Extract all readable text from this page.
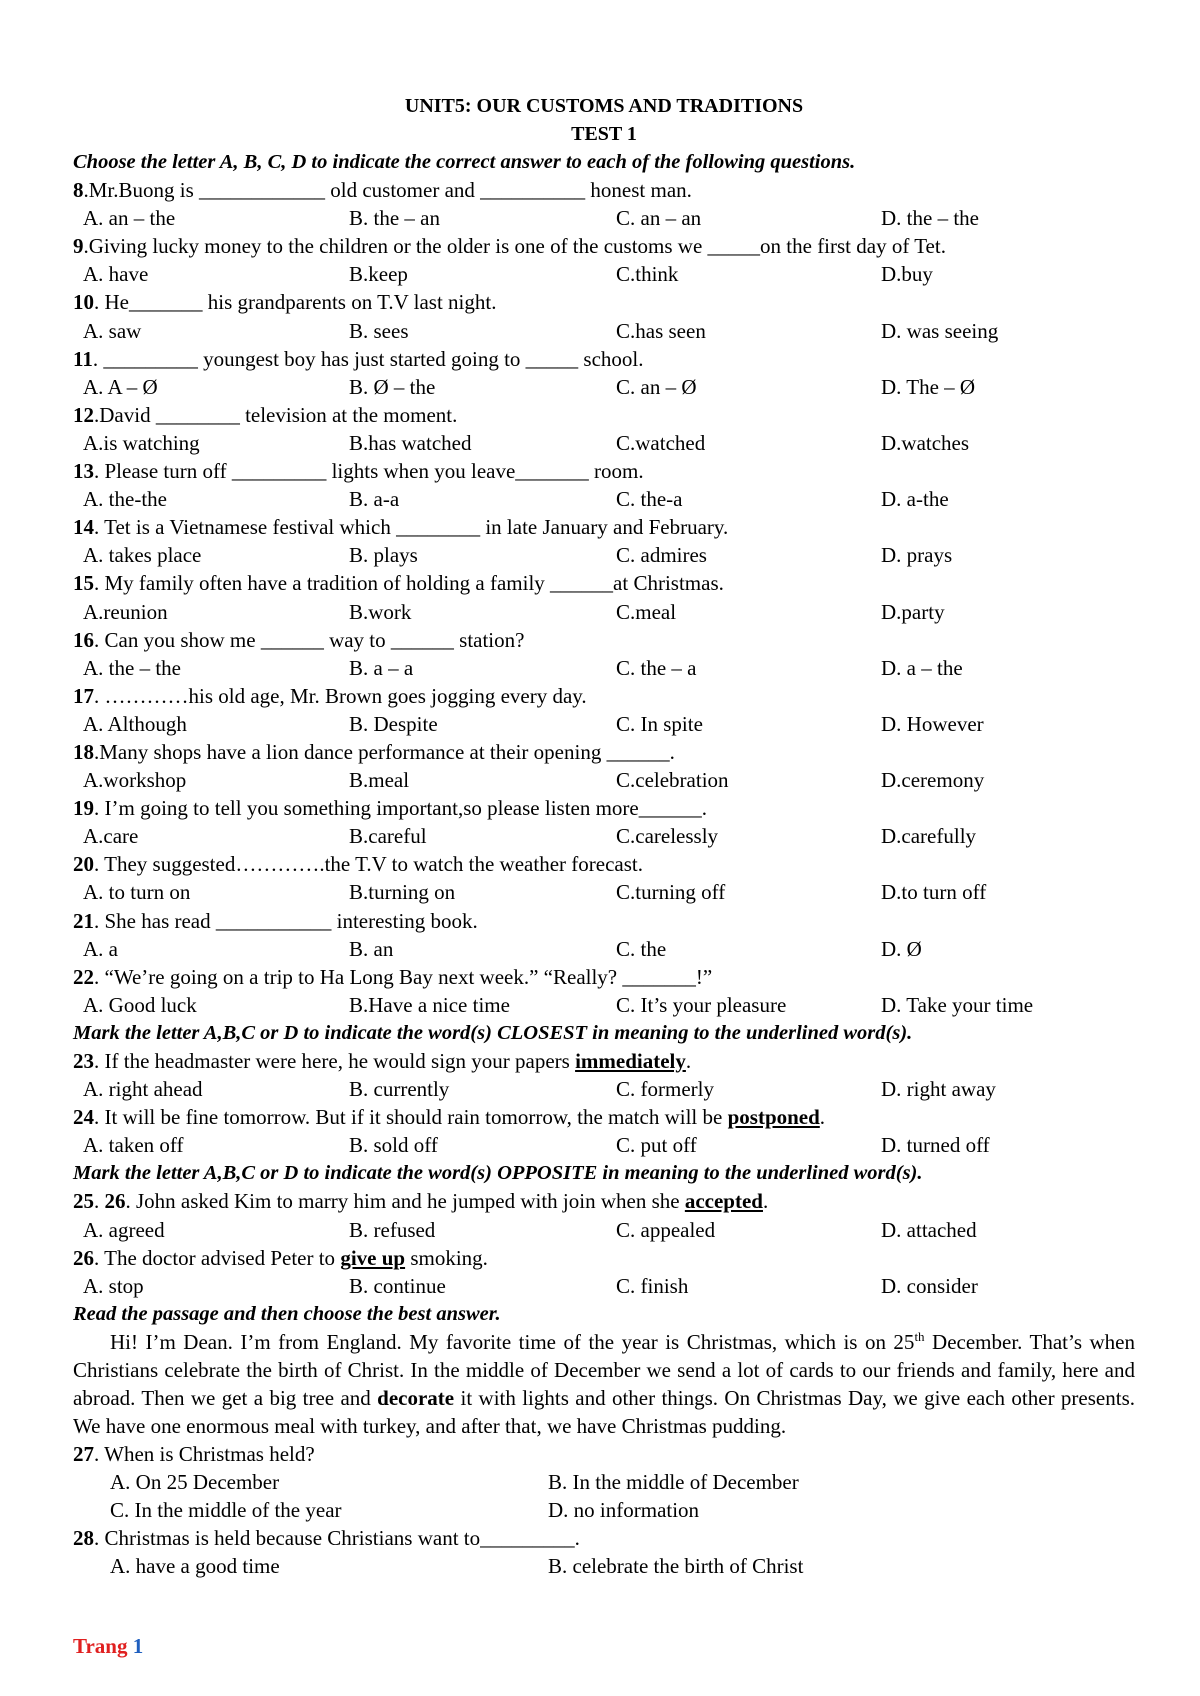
UNIT5: OUR CUSTOMS AND TRADITIONS
TEST 1
Choose the letter A, B, C, D to indicate the correct answer to each of the following questions.
8.Mr.Buong is ____________ old customer and __________ honest man.
A. an – the	B. the – an	C. an – an	D. the – the
9.Giving lucky money to the children or the older is one of the customs we _____on the first day of Tet.
A. have	B.keep	C.think	D.buy
10. He_______ his grandparents on T.V last night.
A. saw	B. sees	C.has seen	D. was seeing
11. _________ youngest boy has just started going to _____ school.
A. A – Ø	B. Ø – the	C. an – Ø	D. The – Ø
12.David ________ television at the moment.
A.is watching	B.has watched	C.watched	D.watches
13. Please turn off _________ lights when you leave_______ room.
A. the-the	B. a-a	C. the-a	D. a-the
14. Tet is a Vietnamese festival which ________ in late January and February.
A. takes place	B. plays	C. admires	D. prays
15. My family often have a tradition of holding a family ______at Christmas.
A.reunion	B.work	C.meal	D.party
16. Can you show me ______ way to ______ station?
A. the – the	B. a – a	C. the – a	D. a – the
17. …………his old age, Mr. Brown goes jogging every day.
A. Although	B. Despite	C. In spite	D. However
18.Many shops have a lion dance performance at their opening ______.
A.workshop	B.meal	C.celebration	D.ceremony
19. I’m going to tell you something important,so please listen more______.
A.care	B.careful	C.carelessly	D.carefully
20. They suggested………….the T.V to watch the weather forecast.
A. to turn on	B.turning on	C.turning off	D.to turn off
21. She has read ___________ interesting book.
A. a	B. an	C. the	D. Ø
22. “We’re going on a trip to Ha Long Bay next week.” “Really? _______!”
A. Good luck	B.Have a nice time	C. It’s your pleasure	D. Take your time
Mark the letter A,B,C or D to indicate the word(s) CLOSEST in meaning to the underlined word(s).
23. If the headmaster were here, he would sign your papers immediately.
A. right ahead	B. currently	C. formerly	D. right away
24. It will be fine tomorrow. But if it should rain tomorrow, the match will be postponed.
A. taken off	B. sold off	C. put off	D. turned off
Mark the letter A,B,C or D to indicate the word(s) OPPOSITE in meaning to the underlined word(s).
25. 26. John asked Kim to marry him and he jumped with join when she accepted.
A. agreed	B. refused	C. appealed	D. attached
26. The doctor advised Peter to give up smoking.
A. stop	B. continue	C. finish	D. consider
Read the passage and then choose the best answer.
Hi! I’m Dean. I’m from England. My favorite time of the year is Christmas, which is on 25th December. That’s when Christians celebrate the birth of Christ. In the middle of December we send a lot of cards to our friends and family, here and abroad. Then we get a big tree and decorate it with lights and other things. On Christmas Day, we give each other presents. We have one enormous meal with turkey, and after that, we have Christmas pudding.
27. When is Christmas held?
A. On 25 December	B. In the middle of December
C. In the middle of the year	D. no information
28. Christmas is held because Christians want to_________.
A. have a good time	B. celebrate the birth of Christ
Trang 1
